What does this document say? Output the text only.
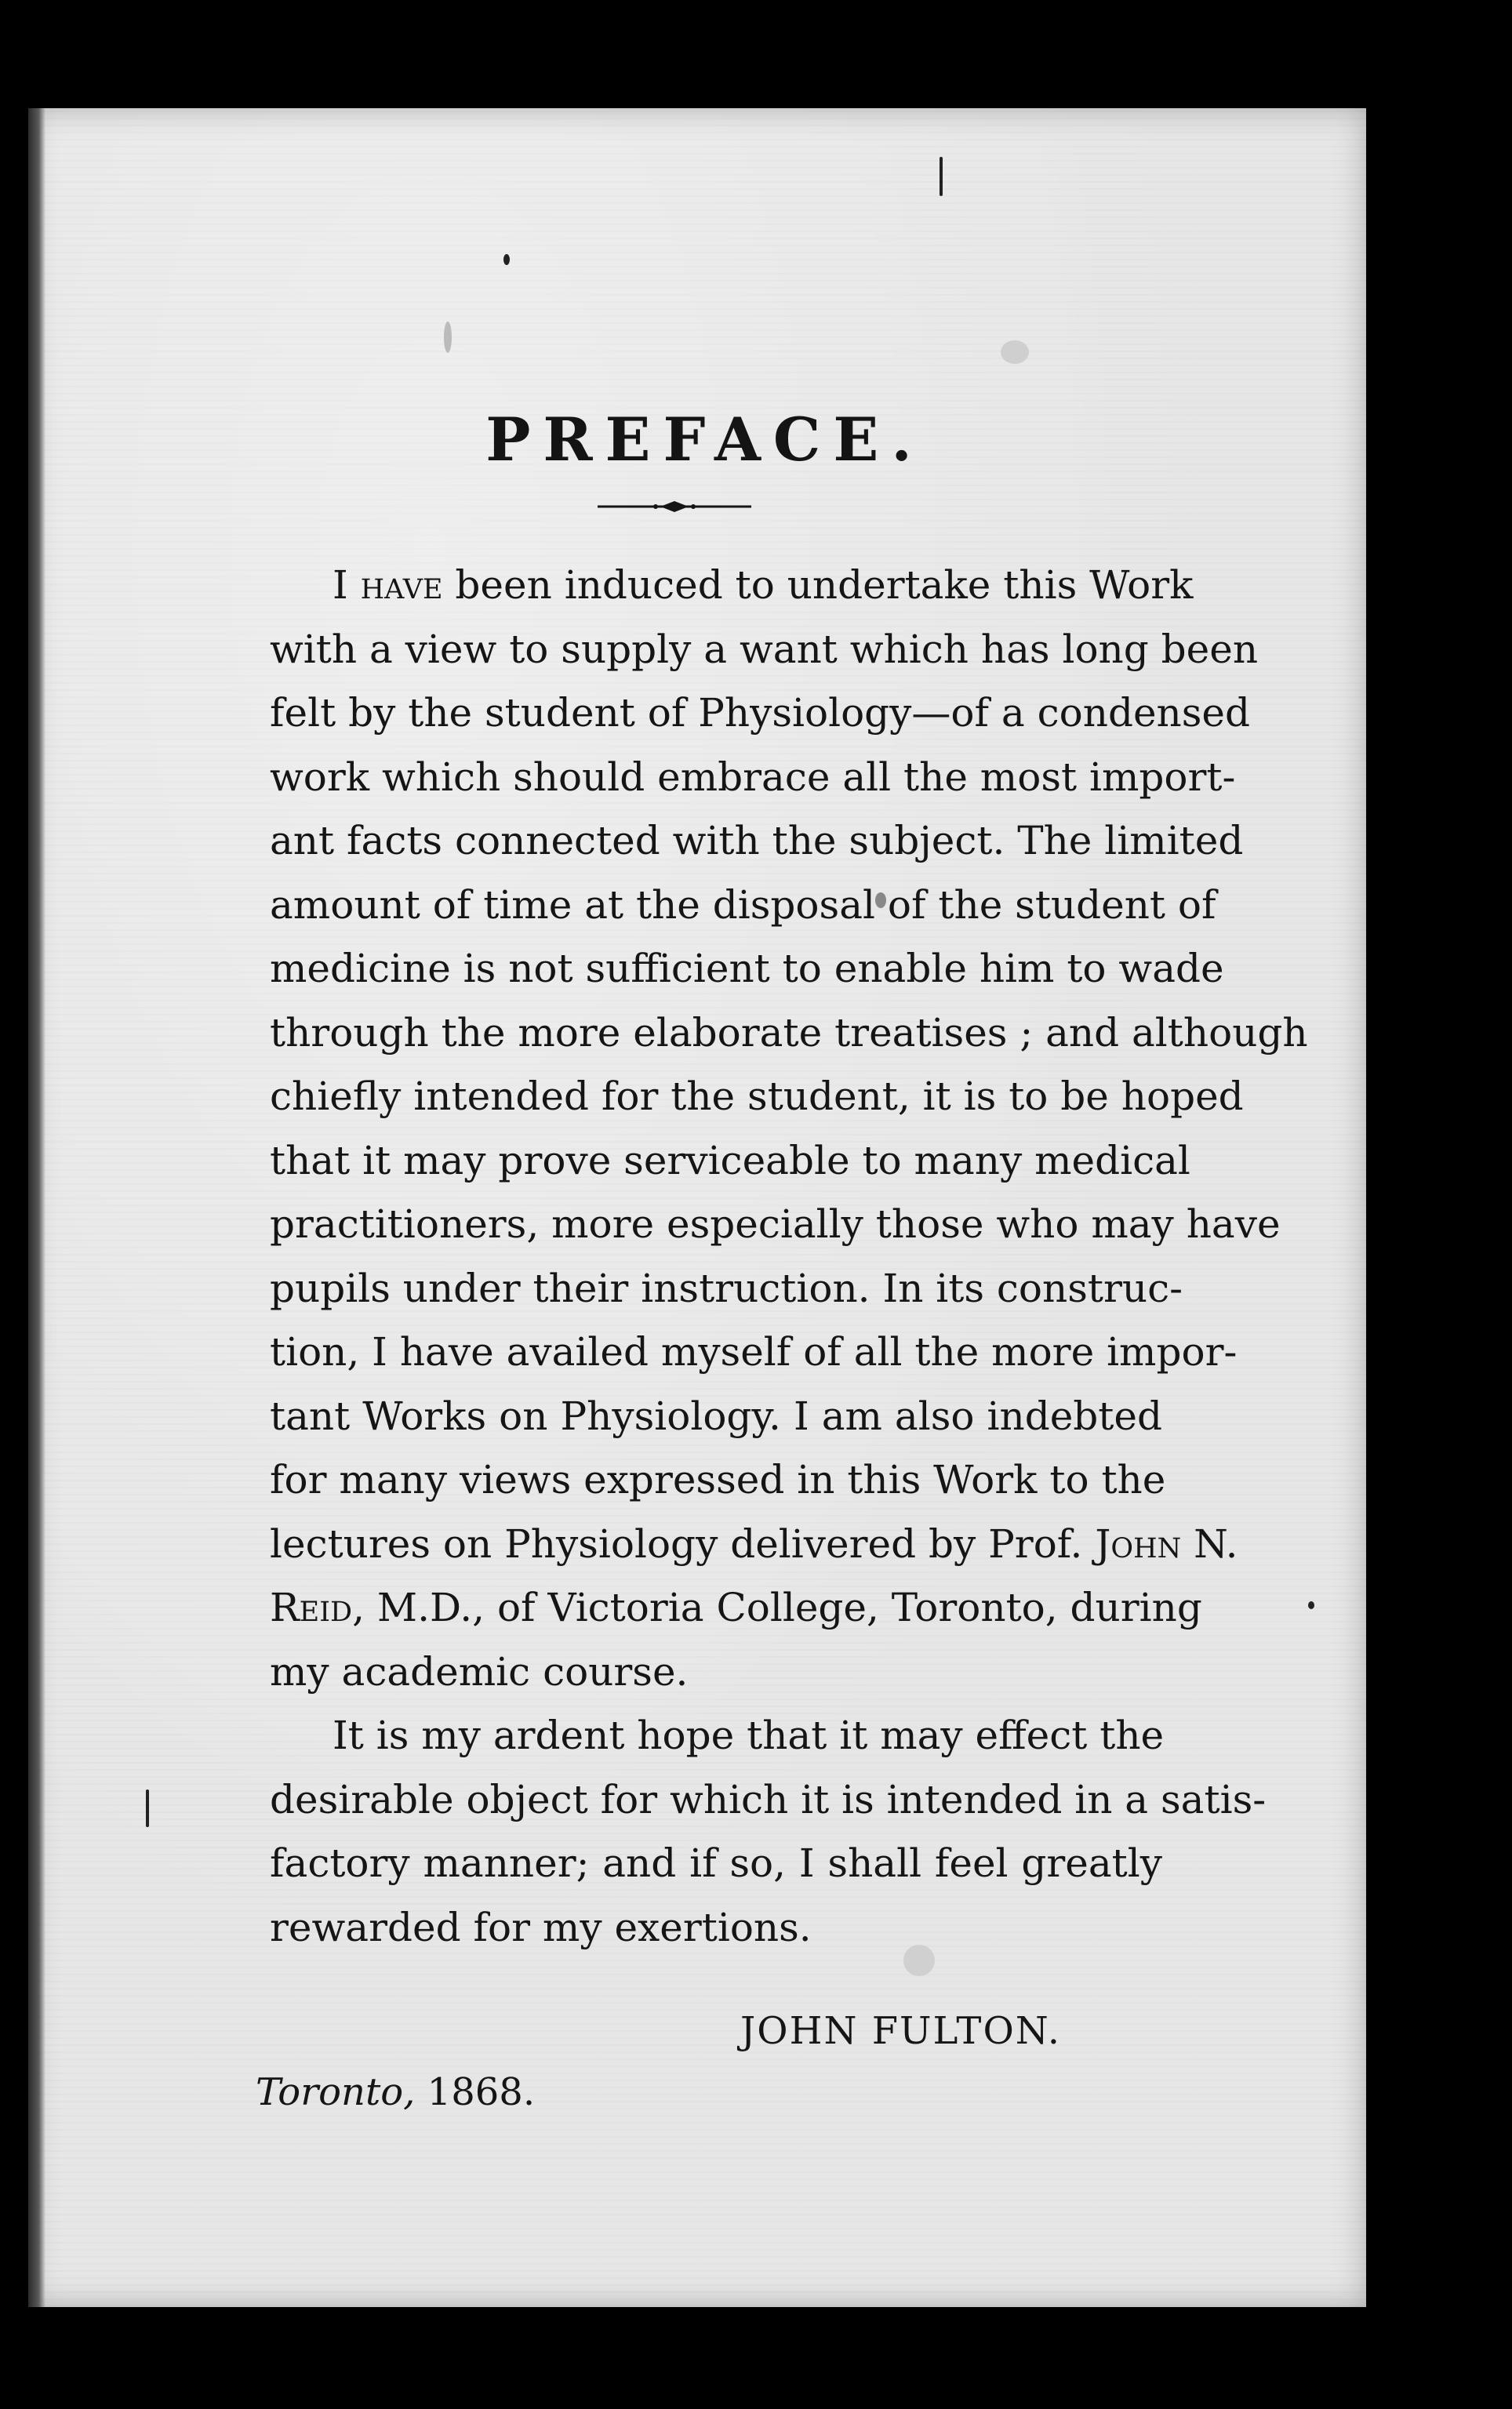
PREFACE.
I have been induced to undertake this Work
with a view to supply a want which has long been
felt by the student of Physiology—of a condensed
work which should embrace all the most import-
ant facts connected with the subject. The limited
amount of time at the disposal of the student of
medicine is not sufficient to enable him to wade
through the more elaborate treatises ; and although
chiefly intended for the student, it is to be hoped
that it may prove serviceable to many medical
practitioners, more especially those who may have
pupils under their instruction. In its construc-
tion, I have availed myself of all the more impor-
tant Works on Physiology. I am also indebted
for many views expressed in this Work to the
lectures on Physiology delivered by Prof. John N.
Reid, M.D., of Victoria College, Toronto, during
my academic course.
It is my ardent hope that it may effect the
desirable object for which it is intended in a satis-
factory manner; and if so, I shall feel greatly
rewarded for my exertions.
JOHN FULTON.
Toronto, 1868.
